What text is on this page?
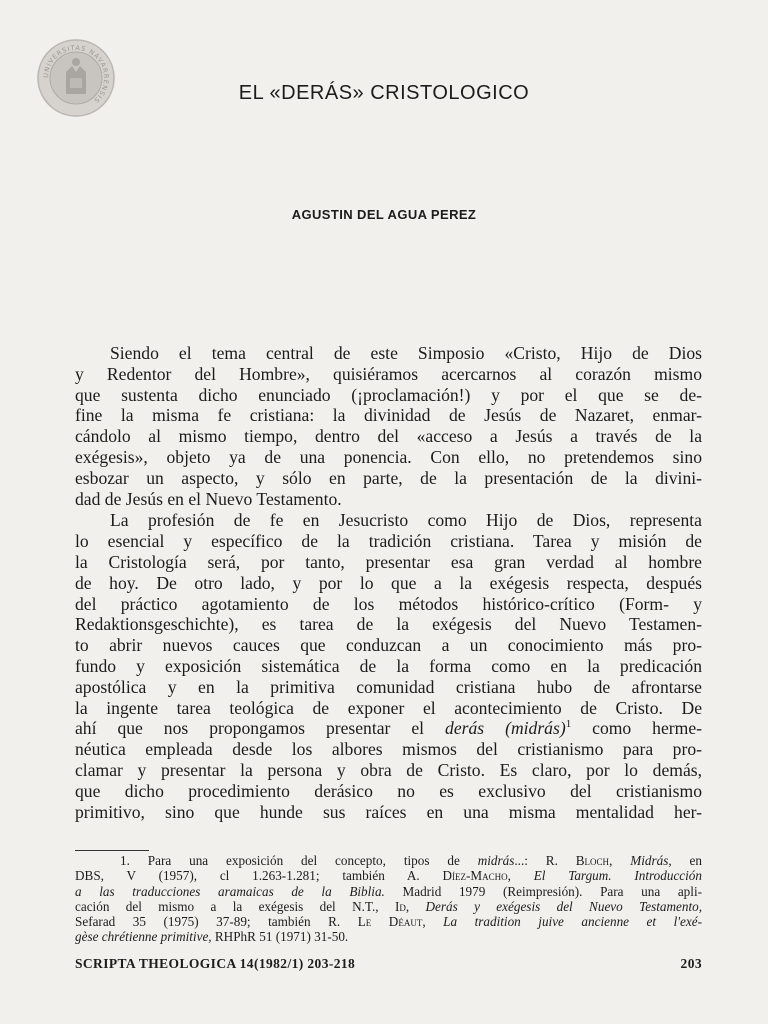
UNIVERSITAS NAVARRENSIS	EL «DERÁS» CRISTOLOGICO
AGUSTIN DEL AGUA PEREZ
Siendo el tema central de este Simposio «Cristo, Hijo de Dios
y Redentor del Hombre», quisiéramos acercarnos al corazón mismo
que sustenta dicho enunciado (¡proclamación!) y por el que se de-
fine la misma fe cristiana: la divinidad de Jesús de Nazaret, enmar-
cándolo al mismo tiempo, dentro del «acceso a Jesús a través de la
exégesis», objeto ya de una ponencia. Con ello, no pretendemos sino
esbozar un aspecto, y sólo en parte, de la presentación de la divini-
dad de Jesús en el Nuevo Testamento.
La profesión de fe en Jesucristo como Hijo de Dios, representa
lo esencial y específico de la tradición cristiana. Tarea y misión de
la Cristología será, por tanto, presentar esa gran verdad al hombre
de hoy. De otro lado, y por lo que a la exégesis respecta, después
del práctico agotamiento de los métodos histórico-crítico (Form- y
Redaktionsgeschichte), es tarea de la exégesis del Nuevo Testamen-
to abrir nuevos cauces que conduzcan a un conocimiento más pro-
fundo y exposición sistemática de la forma como en la predicación
apostólica y en la primitiva comunidad cristiana hubo de afrontarse
la ingente tarea teológica de exponer el acontecimiento de Cristo. De
ahí que nos propongamos presentar el derás (midrás)$^1$ como herme-
néutica empleada desde los albores mismos del cristianismo para pro-
clamar y presentar la persona y obra de Cristo. Es claro, por lo demás,
que dicho procedimiento derásico no es exclusivo del cristianismo
primitivo, sino que hunde sus raíces en una misma mentalidad her-
1. Para una exposición del concepto, tipos de midrás...: R. Bloch, Midrás, en
DBS, V (1957), cl 1.263-1.281; también A. Díez-Macho, El Targum. Introducción
a las traducciones aramaicas de la Biblia. Madrid 1979 (Reimpresión). Para una apli-
cación del mismo a la exégesis del N.T., Id, Derás y exégesis del Nuevo Testamento,
Sefarad 35 (1975) 37-89; también R. Le Déaut, La tradition juive ancienne et l'exé-
gèse chrétienne primitive, RHPhR 51 (1971) 31-50.
SCRIPTA THEOLOGICA 14(1982/1) 203-218	203
